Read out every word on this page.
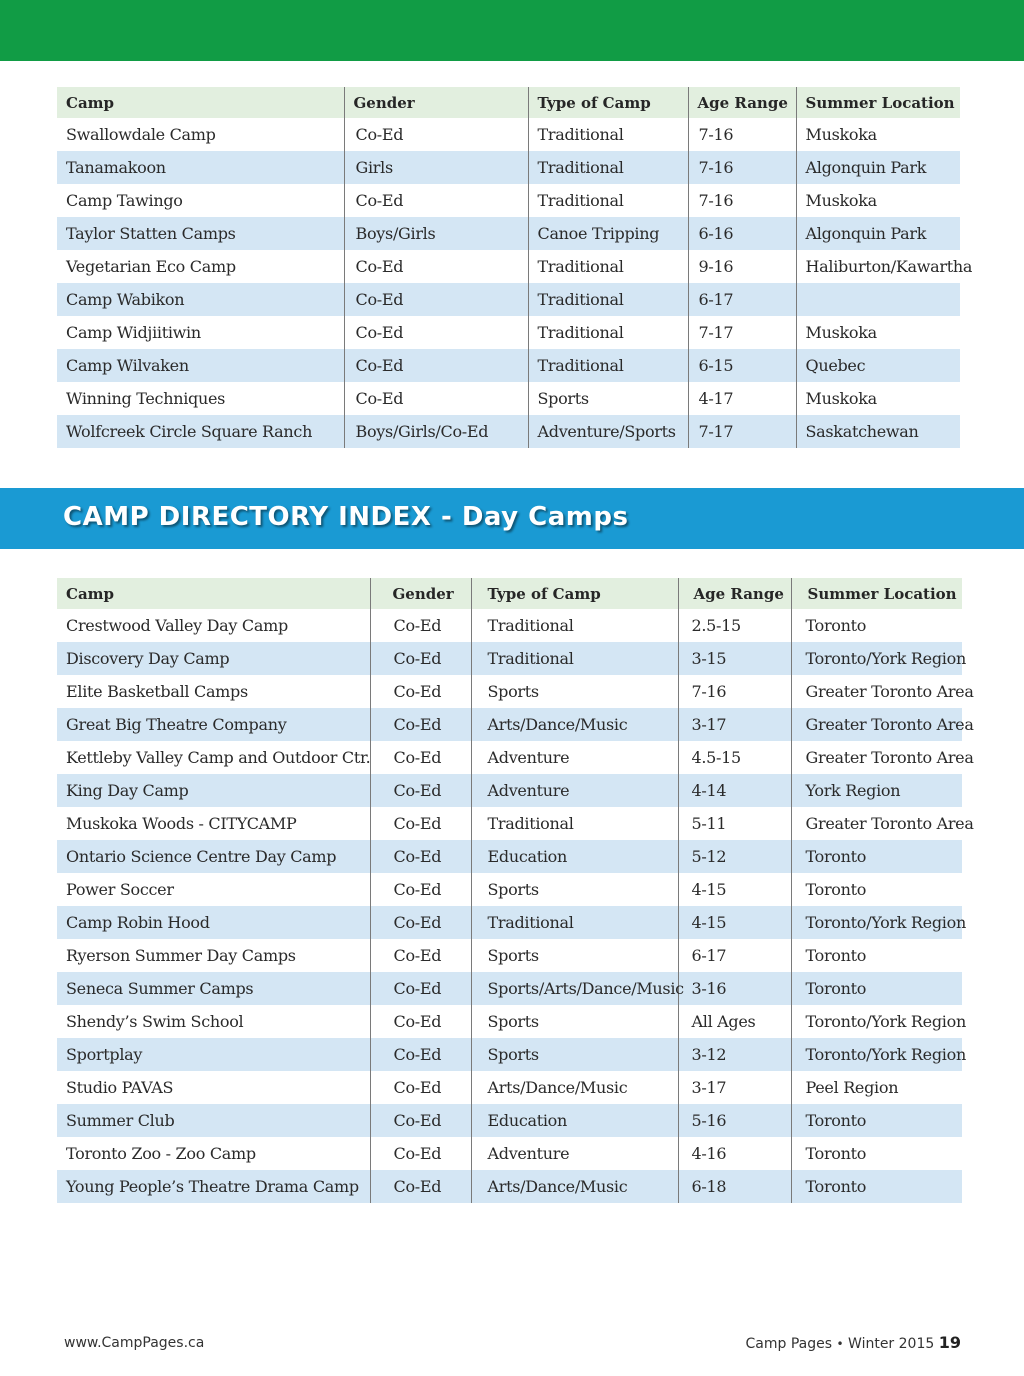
Camp	Gender	Type of Camp	Age Range	Summer Location
Swallowdale Camp	Co-Ed	Traditional	7-16	Muskoka
Tanamakoon	Girls	Traditional	7-16	Algonquin Park
Camp Tawingo	Co-Ed	Traditional	7-16	Muskoka
Taylor Statten Camps	Boys/Girls	Canoe Tripping	6-16	Algonquin Park
Vegetarian Eco Camp	Co-Ed	Traditional	9-16	Haliburton/Kawartha
Camp Wabikon	Co-Ed	Traditional	6-17	
Camp Widjiitiwin	Co-Ed	Traditional	7-17	Muskoka
Camp Wilvaken	Co-Ed	Traditional	6-15	Quebec
Winning Techniques	Co-Ed	Sports	4-17	Muskoka
Wolfcreek Circle Square Ranch	Boys/Girls/Co-Ed	Adventure/Sports	7-17	Saskatchewan
CAMP DIRECTORY INDEX - Day Camps
Camp	Gender	Type of Camp	Age Range	Summer Location
Crestwood Valley Day Camp	Co-Ed	Traditional	2.5-15	Toronto
Discovery Day Camp	Co-Ed	Traditional	3-15	Toronto/York Region
Elite Basketball Camps	Co-Ed	Sports	7-16	Greater Toronto Area
Great Big Theatre Company	Co-Ed	Arts/Dance/Music	3-17	Greater Toronto Area
Kettleby Valley Camp and Outdoor Ctr.	Co-Ed	Adventure	4.5-15	Greater Toronto Area
King Day Camp	Co-Ed	Adventure	4-14	York Region
Muskoka Woods - CITYCAMP	Co-Ed	Traditional	5-11	Greater Toronto Area
Ontario Science Centre Day Camp	Co-Ed	Education	5-12	Toronto
Power Soccer	Co-Ed	Sports	4-15	Toronto
Camp Robin Hood	Co-Ed	Traditional	4-15	Toronto/York Region
Ryerson Summer Day Camps	Co-Ed	Sports	6-17	Toronto
Seneca Summer Camps	Co-Ed	Sports/Arts/Dance/Music	3-16	Toronto
Shendy’s Swim School	Co-Ed	Sports	All Ages	Toronto/York Region
Sportplay	Co-Ed	Sports	3-12	Toronto/York Region
Studio PAVAS	Co-Ed	Arts/Dance/Music	3-17	Peel Region
Summer Club	Co-Ed	Education	5-16	Toronto
Toronto Zoo - Zoo Camp	Co-Ed	Adventure	4-16	Toronto
Young People’s Theatre Drama Camp	Co-Ed	Arts/Dance/Music	6-18	Toronto
www.CampPages.ca	Camp Pages • Winter 2015 19
